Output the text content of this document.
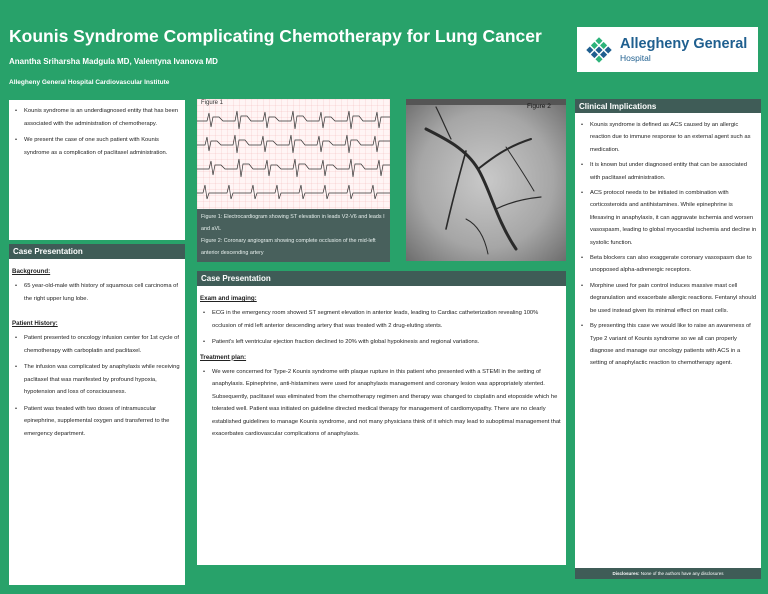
Kounis Syndrome Complicating Chemotherapy for Lung Cancer
Anantha Sriharsha Madgula MD, Valentyna Ivanova MD
Allegheny General Hospital Cardiovascular Institute
Allegheny General
Hospital
• Kounis syndrome is an underdiagnosed entity that has been associated with the administration of chemotherapy.
• We present the case of one such patient with Kounis syndrome as a complication of paclitaxel administration.
Case Presentation
Background:
• 65 year-old-male with history of squamous cell carcinoma of the right upper lung lobe.
Patient History:
• Patient presented to oncology infusion center for 1st cycle of chemotherapy with carboplatin and paclitaxel.
• The infusion was complicated by anaphylaxis while receiving paclitaxel that was manifested by profound hypoxia, hypotension and loss of consciousness.
• Patient was treated with two doses of intramuscular epinephrine, supplemental oxygen and transferred to the emergency department.
Figure 1
Figure 1: Electrocardiogram showing ST elevation in leads V2-V6 and leads I and aVL
Figure 2: Coronary angiogram showing complete occlusion of the mid-left anterior descending artery
Figure 2
Case Presentation
Exam and imaging:
• ECG in the emergency room showed ST segment elevation in anterior leads, leading to Cardiac catheterization revealing 100% occlusion of mid left anterior descending artery that was treated with 2 drug-eluting stents.
• Patient's left ventricular ejection fraction declined to 20% with global hypokinesis and regional variations.
Treatment plan:
• We were concerned for Type-2 Kounis syndrome with plaque rupture in this patient who presented with a STEMI in the setting of anaphylaxis. Epinephrine, anti-histamines were used for anaphylaxis management and coronary lesion was appropriately stented. Subsequently, paclitaxel was eliminated from the chemotherapy regimen and therapy was changed to cisplatin and etoposide which he tolerated well. Patient was initiated on guideline directed medical therapy for management of cardiomyopathy. There are no clearly established guidelines to manage Kounis syndrome, and not many physicians think of it which may lead to suboptimal management that exacerbates cardiovascular complications of anaphylaxis.
Clinical Implications
• Kounis syndrome is defined as ACS caused by an allergic reaction due to immune response to an external agent such as medication.
• It is known but under diagnosed entity that can be associated with paclitaxel administration.
• ACS protocol needs to be initiated in combination with corticosteroids and antihistamines. While epinephrine is lifesaving in anaphylaxis, it can aggravate ischemia and worsen vasospasm, leading to global myocardial ischemia and decline in systolic function.
• Beta blockers can also exaggerate coronary vasospasm due to unopposed alpha-adrenergic receptors.
• Morphine used for pain control induces massive mast cell degranulation and exacerbate allergic reactions. Fentanyl should be used instead given its minimal effect on mast cells.
• By presenting this case we would like to raise an awareness of Type 2 variant of Kounis syndrome so we all can properly diagnose and manage our oncology patients with ACS in a setting of anaphylactic reaction to chemotherapy agent.
Disclosures: None of the authors have any disclosures
